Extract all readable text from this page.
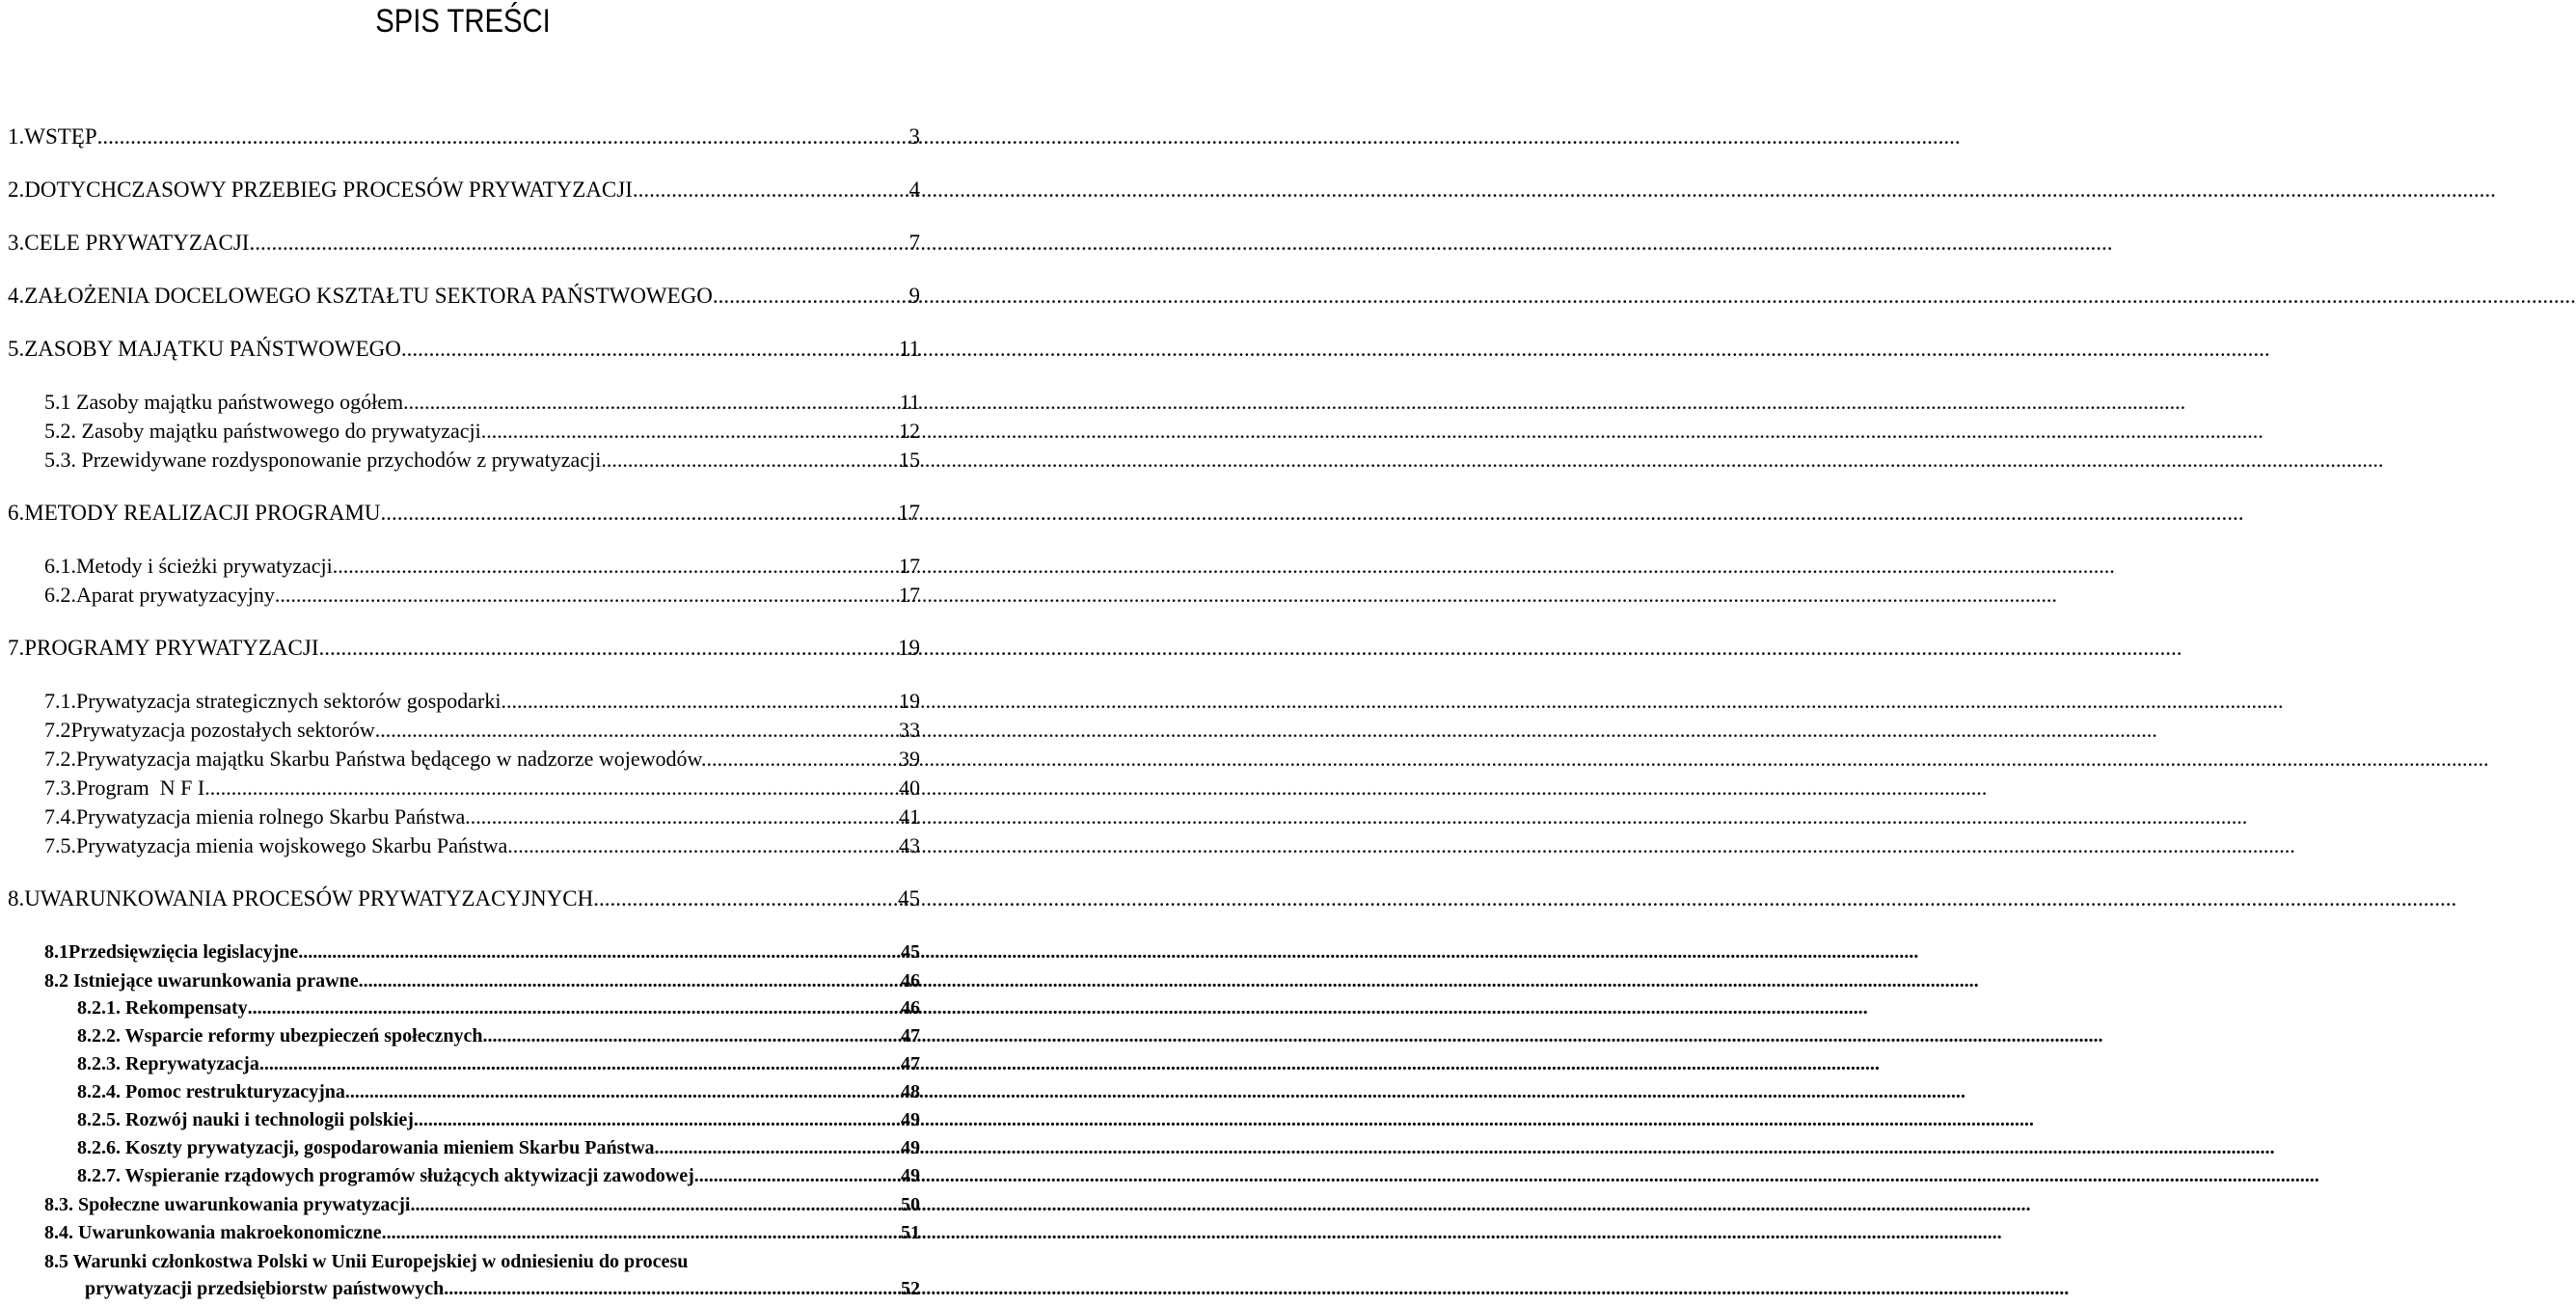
SPIS TREŚCI
1. WSTĘP .....	3
2. DOTYCHCZASOWY PRZEBIEG PROCESÓW PRYWATYZACJI .....	4
3. CELE PRYWATYZACJI .....	7
4. ZAŁOŻENIA DOCELOWEGO KSZTAŁTU SEKTORA PAŃSTWOWEGO .....	9
5. ZASOBY MAJĄTKU PAŃSTWOWEGO. .....	11
5.1 Zasoby majątku państwowego ogółem .....	11
5.2. Zasoby majątku państwowego do prywatyzacji .....	12
5.3. Przewidywane rozdysponowanie przychodów z prywatyzacji .....	15
6. METODY REALIZACJI PROGRAMU .....	17
6.1.Metody i ścieżki prywatyzacji .....	17
6.2.Aparat prywatyzacyjny .....	17
7. PROGRAMY PRYWATYZACJI .....	19
7.1.Prywatyzacja strategicznych sektorów gospodarki .....	19
7.2Prywatyzacja pozostałych sektorów .....	33
7.2.Prywatyzacja majątku Skarbu Państwa będącego w nadzorze wojewodów. .....	39
7.3.Program  N F I .....	40
7.4.Prywatyzacja mienia rolnego Skarbu Państwa .....	41
7.5.Prywatyzacja mienia wojskowego Skarbu Państwa. .....	43
8. UWARUNKOWANIA PROCESÓW PRYWATYZACYJNYCH .....	45
8.1Przedsięwzięcia legislacyjne .....	45
8.2 Istniejące uwarunkowania prawne .....	46
8.2.1. Rekompensaty .....	46
8.2.2. Wsparcie reformy ubezpieczeń społecznych .....	47
8.2.3. Reprywatyzacja .....	47
8.2.4. Pomoc restrukturyzacyjna .....	48
8.2.5. Rozwój nauki i technologii polskiej .....	49
8.2.6. Koszty prywatyzacji, gospodarowania mieniem Skarbu Państwa .....	49
8.2.7. Wspieranie rządowych programów służących aktywizacji zawodowej. .....	49
8.3. Społeczne uwarunkowania prywatyzacji .....	50
8.4. Uwarunkowania makroekonomiczne .....	51
8.5 Warunki członkostwa Polski w Unii Europejskiej w odniesieniu do procesu
prywatyzacji przedsiębiorstw państwowych. .....	52
